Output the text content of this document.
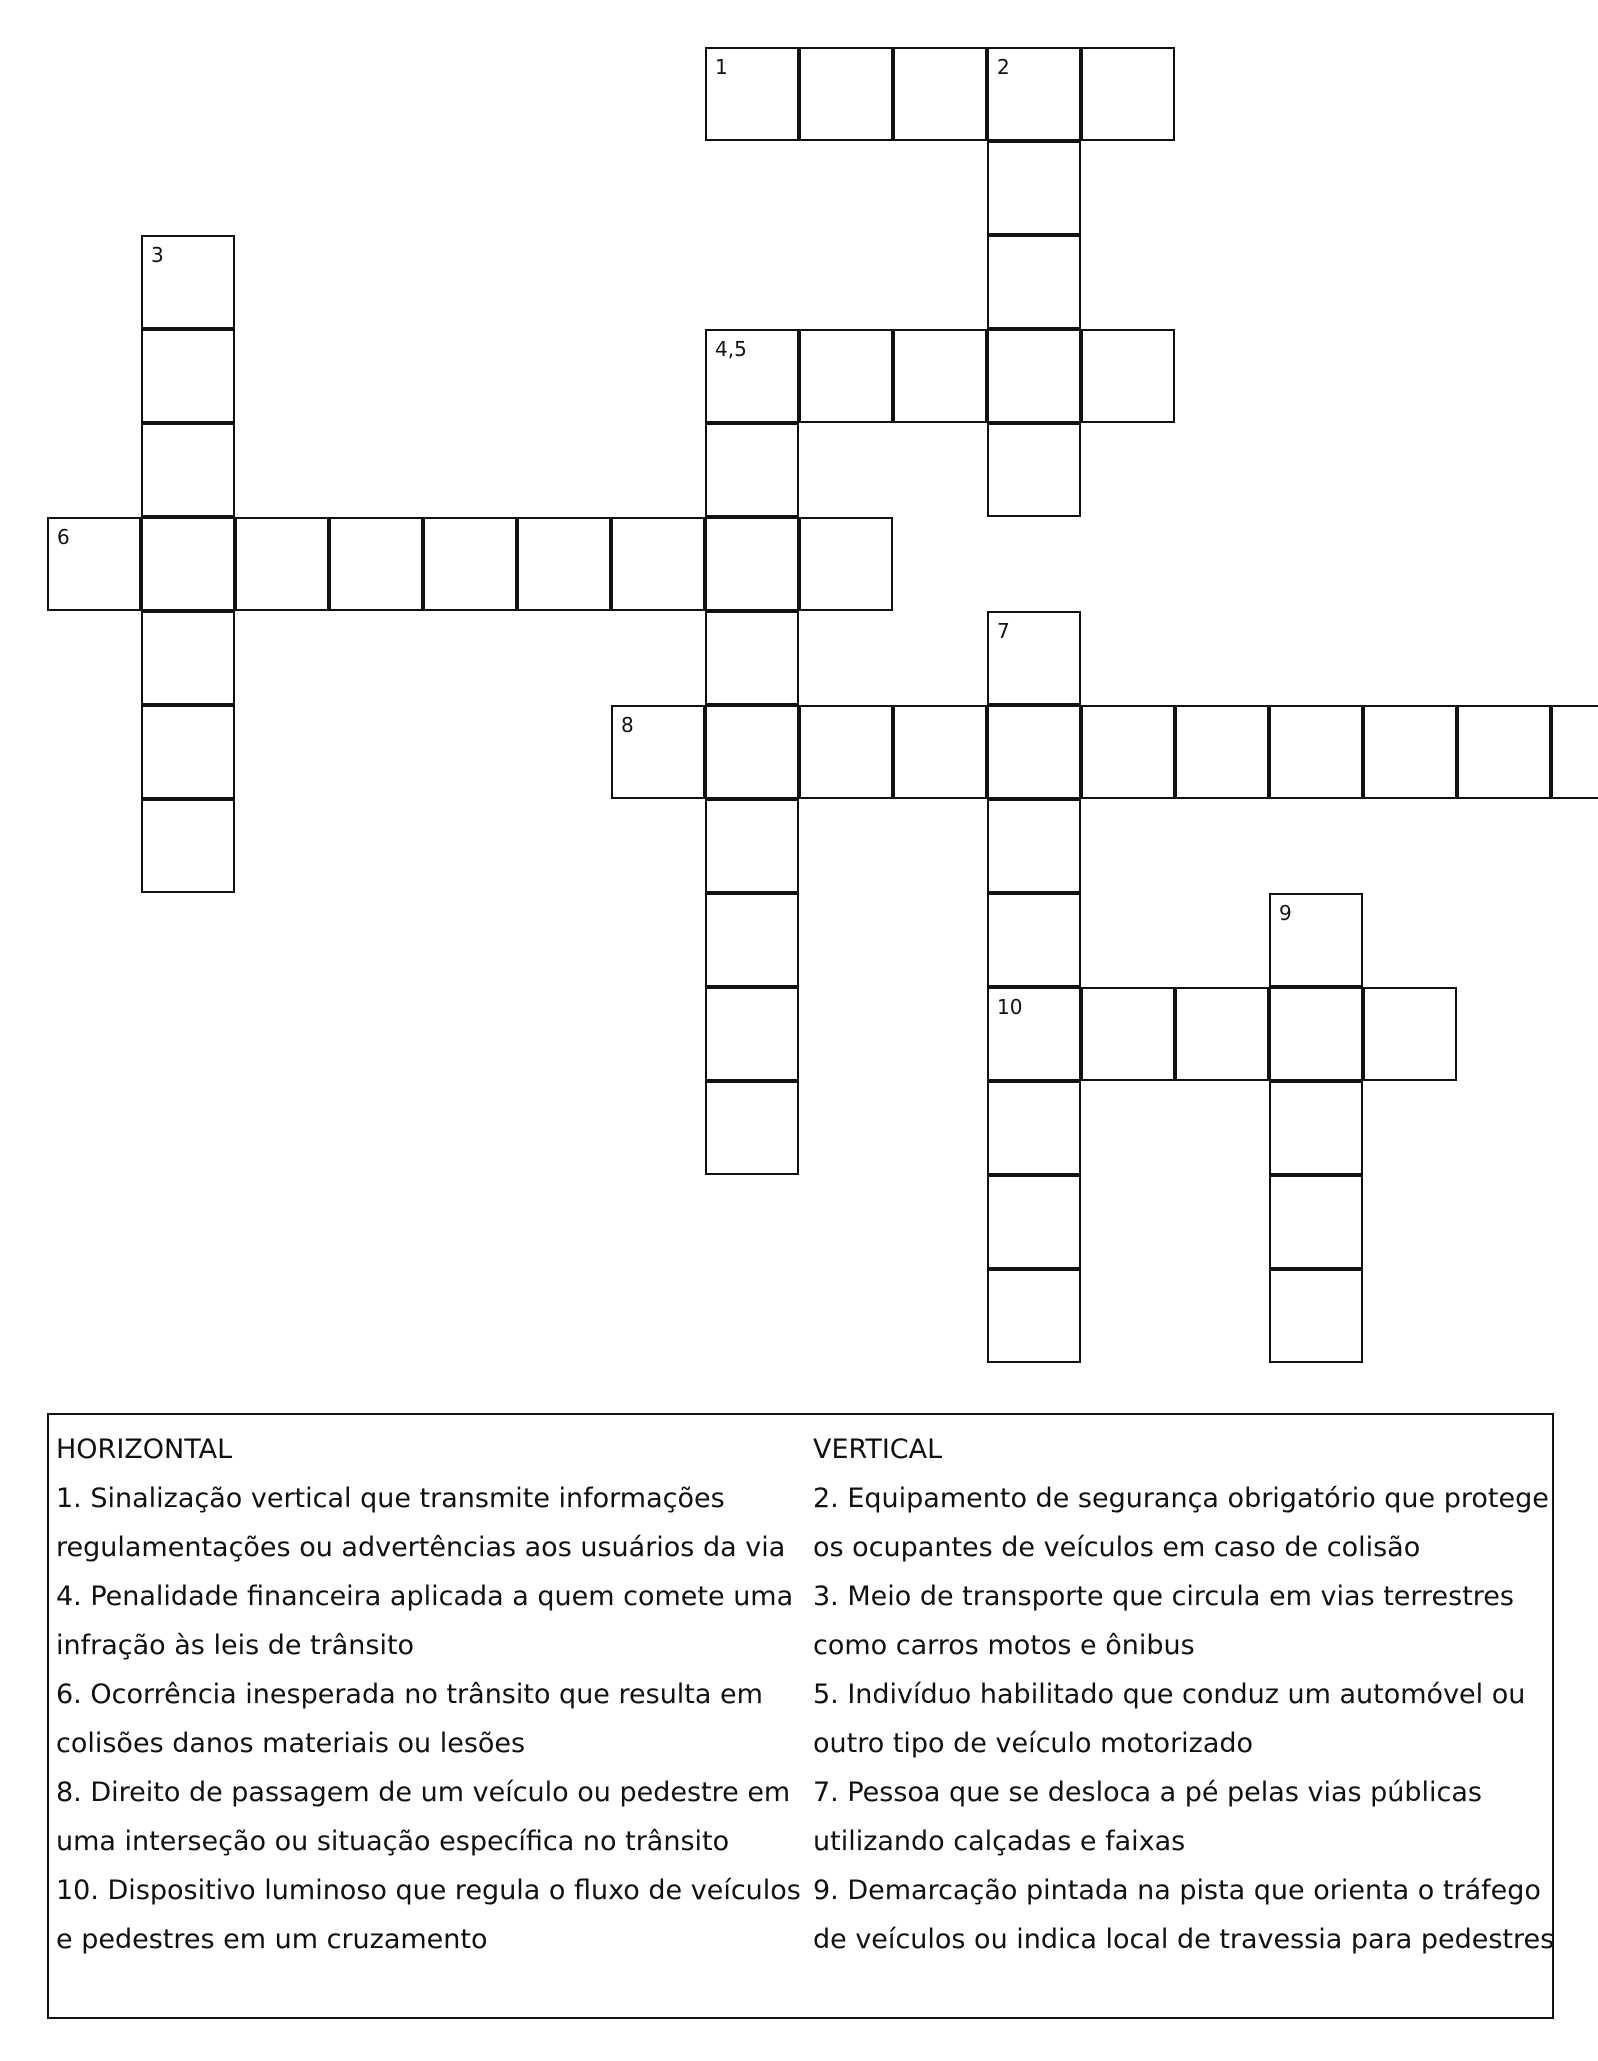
1	2
3
4,5
6
7
8
9
10
HORIZONTAL
1. Sinalização vertical que transmite informações
regulamentações ou advertências aos usuários da via
4. Penalidade financeira aplicada a quem comete uma
infração às leis de trânsito
6. Ocorrência inesperada no trânsito que resulta em
colisões danos materiais ou lesões
8. Direito de passagem de um veículo ou pedestre em
uma interseção ou situação específica no trânsito
10. Dispositivo luminoso que regula o fluxo de veículos
e pedestres em um cruzamento
VERTICAL
2. Equipamento de segurança obrigatório que protege
os ocupantes de veículos em caso de colisão
3. Meio de transporte que circula em vias terrestres
como carros motos e ônibus
5. Indivíduo habilitado que conduz um automóvel ou
outro tipo de veículo motorizado
7. Pessoa que se desloca a pé pelas vias públicas
utilizando calçadas e faixas
9. Demarcação pintada na pista que orienta o tráfego
de veículos ou indica local de travessia para pedestres
